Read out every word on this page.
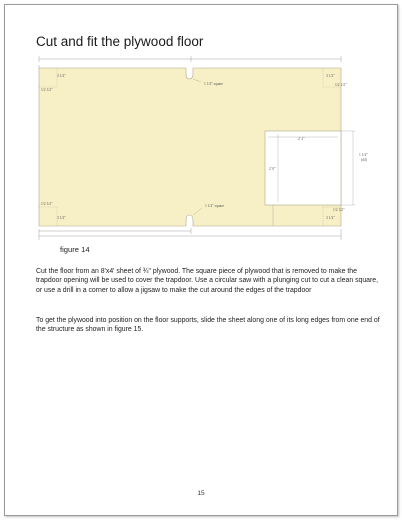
Cut and fit the plywood floor
3 1/2"
1/2 1/2"
1 1/2" square
3 1/2"
1/2 1/2"
2' 2"
2' 0"
1 1/2"
(d4)
1/2 1/2"
3 1/2"
1 1/2" square
1/2 1/2"
3 1/2"
figure 14

Cut the floor from an 8'x4' sheet of ¾" plywood. The square piece of plywood that is removed to make the trapdoor opening will be used to cover the trapdoor. Use a circular saw with a plunging cut to cut a clean square, or use a drill in a corner to allow a jigsaw to make the cut around the edges of the trapdoor

To get the plywood into position on the floor supports, slide the sheet along one of its long edges from one end of the structure as shown in figure 15.

15
